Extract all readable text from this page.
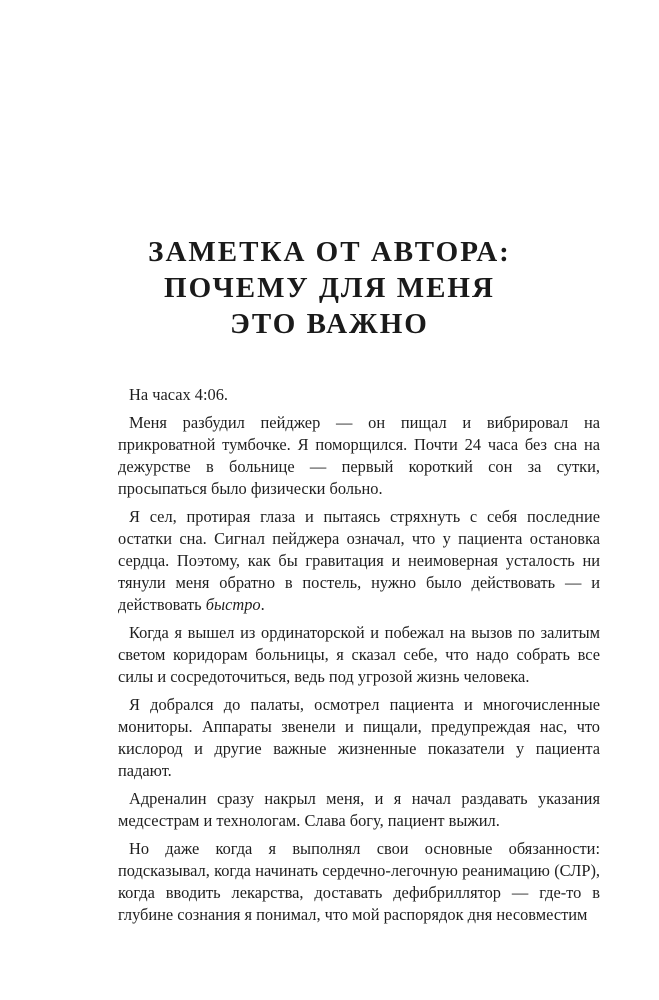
ЗАМЕТКА ОТ АВТОРА:
ПОЧЕМУ ДЛЯ МЕНЯ
ЭТО ВАЖНО

На часах 4:06.

Меня разбудил пейджер — он пищал и вибрировал на прикроватной тумбочке. Я поморщился. Почти 24 часа без сна на дежурстве в больнице — первый короткий сон за сутки, просыпаться было физически больно.

Я сел, протирая глаза и пытаясь стряхнуть с себя последние остатки сна. Сигнал пейджера означал, что у пациента остановка сердца. Поэтому, как бы гравитация и неимоверная усталость ни тянули меня обратно в постель, нужно было действовать — и действовать быстро.

Когда я вышел из ординаторской и побежал на вызов по залитым светом коридорам больницы, я сказал себе, что надо собрать все силы и сосредоточиться, ведь под угрозой жизнь человека.

Я добрался до палаты, осмотрел пациента и многочисленные мониторы. Аппараты звенели и пищали, предупреждая нас, что кислород и другие важные жизненные показатели у пациента падают.

Адреналин сразу накрыл меня, и я начал раздавать указания медсестрам и технологам. Слава богу, пациент выжил.

Но даже когда я выполнял свои основные обязанности: подсказывал, когда начинать сердечно-легочную реанимацию (СЛР), когда вводить лекарства, доставать дефибриллятор — где-то в глубине сознания я понимал, что мой распорядок дня несовместим
